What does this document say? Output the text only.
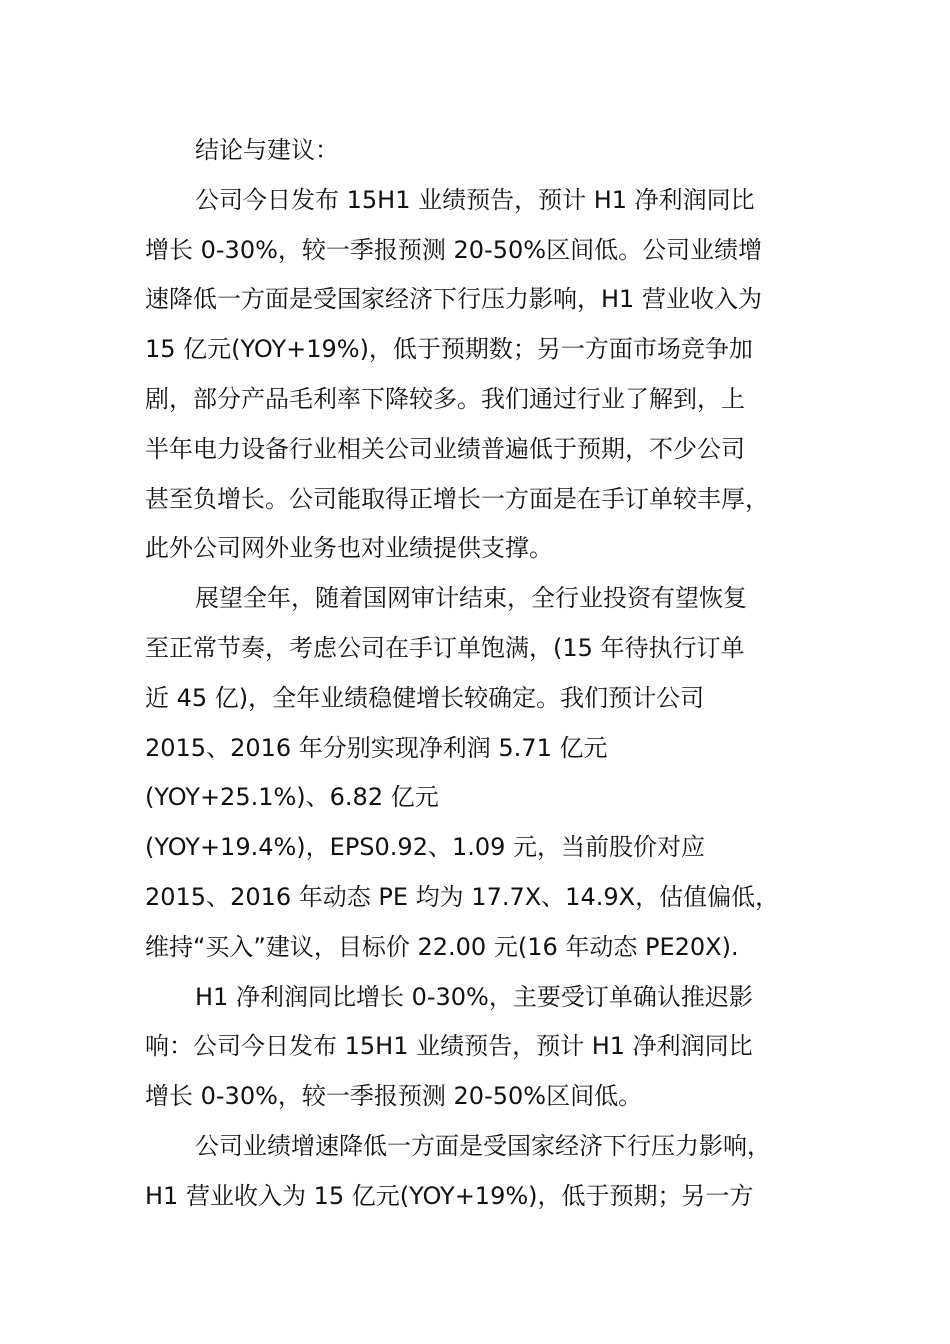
结论与建议：
公司今日发布 15H1 业绩预告，预计 H1 净利润同比
增长 0-30%，较一季报预测 20-50%区间低。公司业绩增
速降低一方面是受国家经济下行压力影响，H1 营业收入为
15 亿元(YOY+19%)，低于预期数；另一方面市场竞争加
剧，部分产品毛利率下降较多。我们通过行业了解到，上
半年电力设备行业相关公司业绩普遍低于预期，不少公司
甚至负增长。公司能取得正增长一方面是在手订单较丰厚，
此外公司网外业务也对业绩提供支撑。
展望全年，随着国网审计结束，全行业投资有望恢复
至正常节奏，考虑公司在手订单饱满，(15 年待执行订单
近 45 亿)，全年业绩稳健增长较确定。我们预计公司
2015、2016 年分别实现净利润 5.71 亿元
(YOY+25.1%)、6.82 亿元
(YOY+19.4%)，EPS0.92、1.09 元，当前股价对应
2015、2016 年动态 PE 均为 17.7X、14.9X，估值偏低，
维持“买入”建议，目标价 22.00 元(16 年动态 PE20X).
H1 净利润同比增长 0-30%，主要受订单确认推迟影
响：公司今日发布 15H1 业绩预告，预计 H1 净利润同比
增长 0-30%，较一季报预测 20-50%区间低。
公司业绩增速降低一方面是受国家经济下行压力影响，
H1 营业收入为 15 亿元(YOY+19%)，低于预期；另一方
